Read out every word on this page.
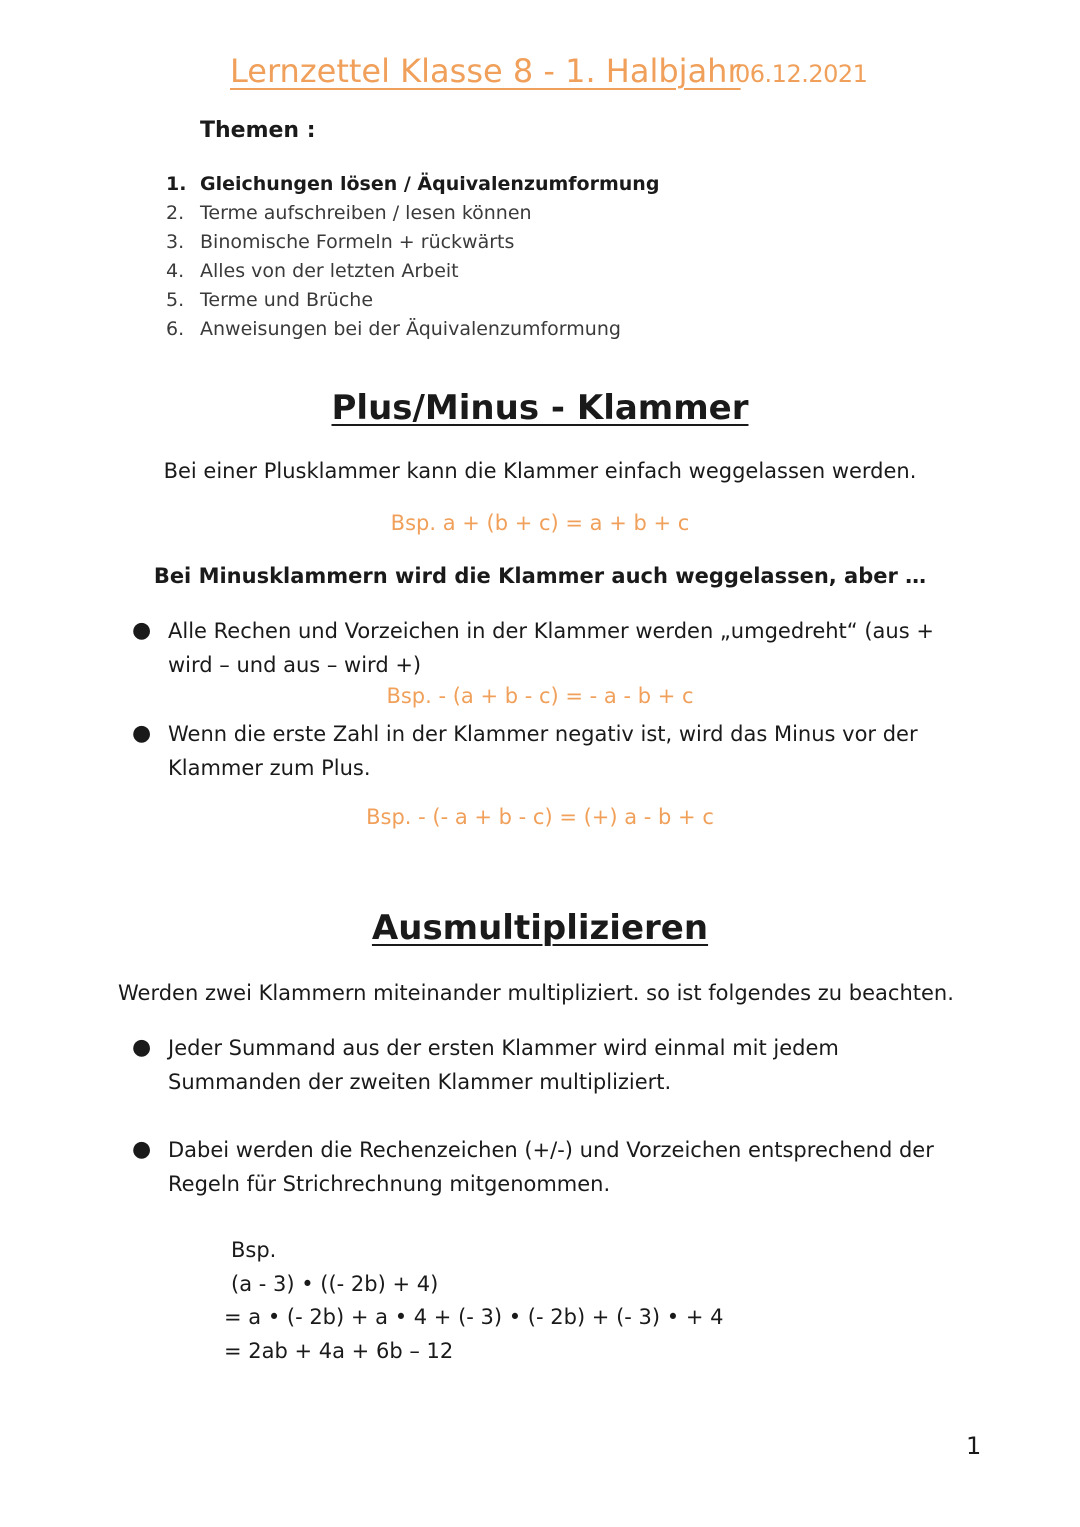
Lernzettel Klasse 8 - 1. Halbjahr
06.12.2021
Themen :
1. Gleichungen lösen / Äquivalenzumformung
2. Terme aufschreiben / lesen können
3. Binomische Formeln + rückwärts
4. Alles von der letzten Arbeit
5. Terme und Brüche
6. Anweisungen bei der Äquivalenzumformung
Plus/Minus - Klammer
Bei einer Plusklammer kann die Klammer einfach weggelassen werden.
Bsp. a + (b + c) = a + b + c
Bei Minusklammern wird die Klammer auch weggelassen, aber …
● Alle Rechen und Vorzeichen in der Klammer werden „umgedreht“ (aus + wird – und aus – wird +)
Bsp. - (a + b - c) = - a - b + c
● Wenn die erste Zahl in der Klammer negativ ist, wird das Minus vor der Klammer zum Plus.
Bsp. - (- a + b - c) = (+) a - b + c
Ausmultiplizieren
Werden zwei Klammern miteinander multipliziert. so ist folgendes zu beachten.
● Jeder Summand aus der ersten Klammer wird einmal mit jedem Summanden der zweiten Klammer multipliziert.
● Dabei werden die Rechenzeichen (+/-) und Vorzeichen entsprechend der Regeln für Strichrechnung mitgenommen.
Bsp.
(a - 3) • ((- 2b) + 4)
= a • (- 2b) + a • 4 + (- 3) • (- 2b) + (- 3) • + 4
= 2ab + 4a + 6b – 12
1
